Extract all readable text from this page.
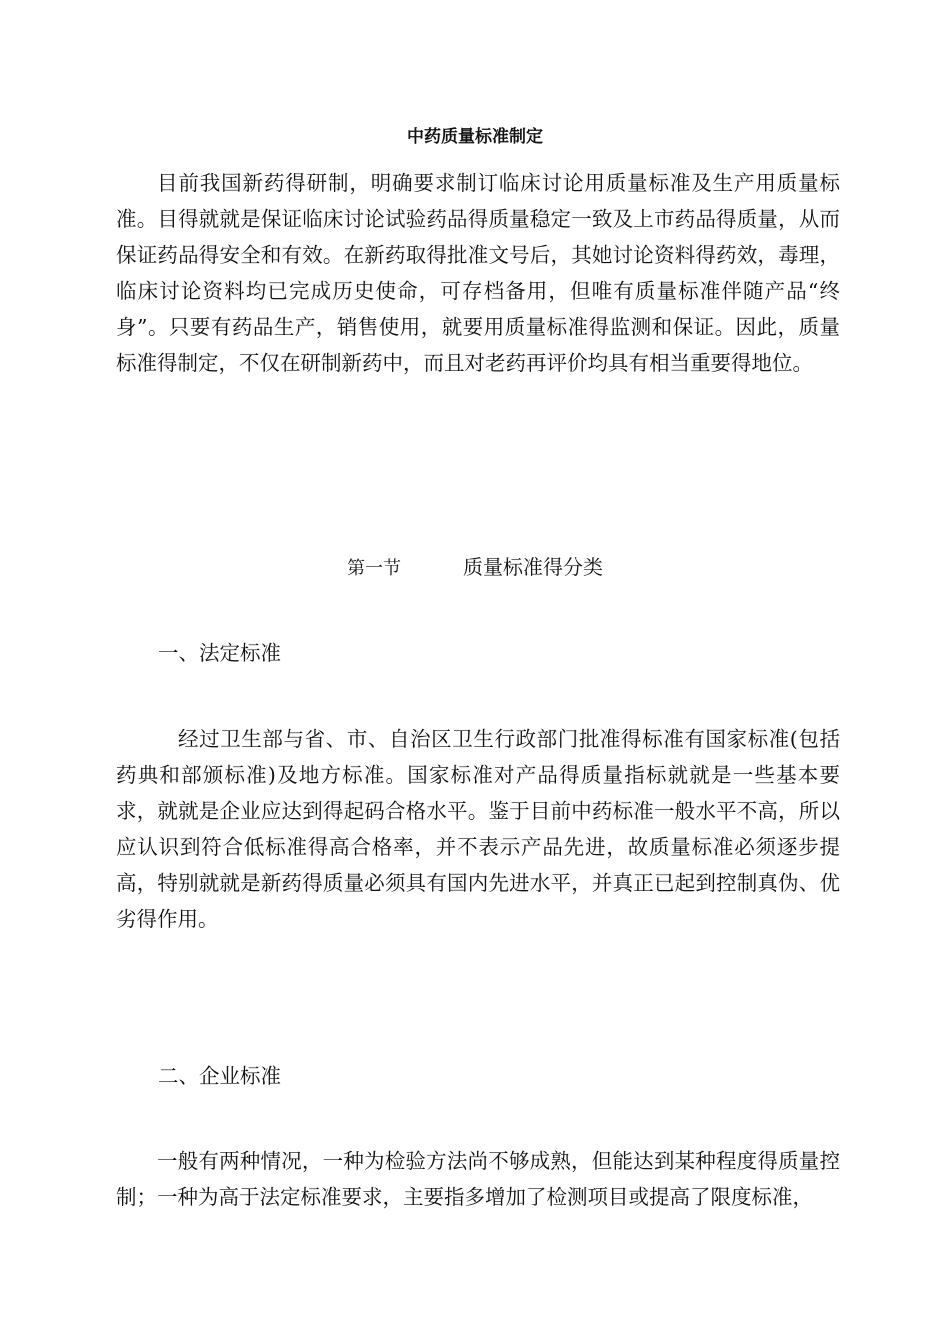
中药质量标准制定

目前我国新药得研制，明确要求制订临床讨论用质量标准及生产用质量标准。目得就就是保证临床讨论试验药品得质量稳定一致及上市药品得质量，从而保证药品得安全和有效。在新药取得批准文号后，其她讨论资料得药效，毒理，临床讨论资料均已完成历史使命，可存档备用，但唯有质量标准伴随产品“终身”。只要有药品生产，销售使用，就要用质量标准得监测和保证。因此，质量标准得制定，不仅在研制新药中，而且对老药再评价均具有相当重要得地位。

第一节	质量标准得分类
一、法定标准

经过卫生部与省、市、自治区卫生行政部门批准得标准有国家标准(包括药典和部颁标准)及地方标准。国家标准对产品得质量指标就就是一些基本要求，就就是企业应达到得起码合格水平。鉴于目前中药标准一般水平不高，所以应认识到符合低标准得高合格率，并不表示产品先进，故质量标准必须逐步提高，特别就就是新药得质量必须具有国内先进水平，并真正已起到控制真伪、优劣得作用。

二、企业标准

一般有两种情况，一种为检验方法尚不够成熟，但能达到某种程度得质量控制；一种为高于法定标准要求，主要指多增加了检测项目或提高了限度标准，
